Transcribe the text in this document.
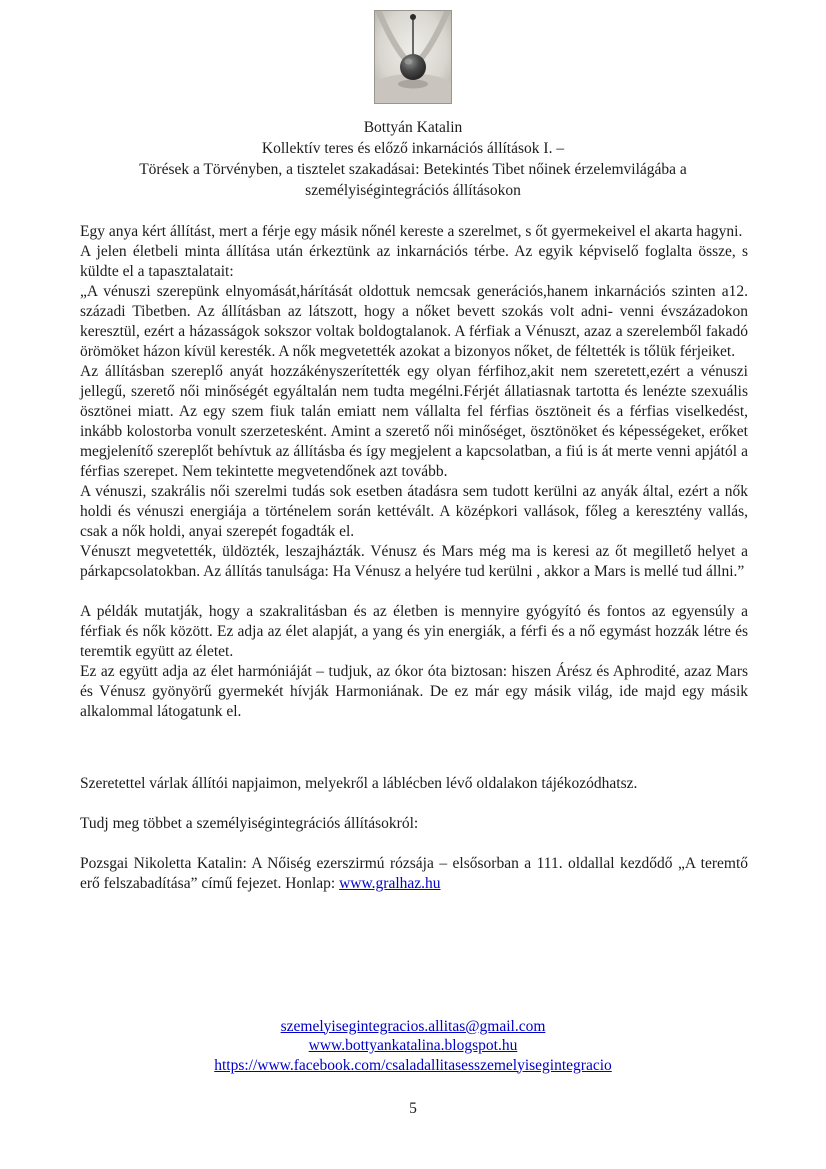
Bottyán Katalin
Kollektív teres és előző inkarnációs állítások I. –
Törések a Törvényben, a tisztelet szakadásai: Betekintés Tibet nőinek érzelemvilágába a személyiségintegrációs állításokon

Egy anya kért állítást, mert a férje egy másik nőnél kereste a szerelmet, s őt gyermekeivel el akarta hagyni.

A jelen életbeli minta állítása után érkeztünk az inkarnációs térbe. Az egyik képviselő foglalta össze, s küldte el a tapasztalatait:

„A vénuszi szerepünk elnyomását,hárítását oldottuk nemcsak generációs,hanem inkarnációs szinten a12. századi Tibetben. Az állításban az látszott, hogy a nőket bevett szokás volt adni- venni évszázadokon keresztül, ezért a házasságok sokszor voltak boldogtalanok. A férfiak a Vénuszt, azaz a szerelemből fakadó örömöket házon kívül keresték. A nők megvetették azokat a bizonyos nőket, de féltették is tőlük férjeiket.

Az állításban szereplő anyát hozzákényszerítették egy olyan férfihoz,akit nem szeretett,ezért a vénuszi jellegű, szerető női minőségét egyáltalán nem tudta megélni.Férjét állatiasnak tartotta és lenézte szexuális ösztönei miatt. Az egy szem fiuk talán emiatt nem vállalta fel férfias ösztöneit és a férfias viselkedést, inkább kolostorba vonult szerzetesként. Amint a szerető női minőséget, ösztönöket és képességeket, erőket megjelenítő szereplőt behívtuk az állításba és így megjelent a kapcsolatban, a fiú is át merte venni apjától a férfias szerepet. Nem tekintette megvetendőnek azt tovább.

A vénuszi, szakrális női szerelmi tudás sok esetben átadásra sem tudott kerülni az anyák által, ezért a nők holdi és vénuszi energiája a történelem során kettévált. A középkori vallások, főleg a keresztény vallás, csak a nők holdi, anyai szerepét fogadták el.

Vénuszt megvetették, üldözték, leszajházták. Vénusz és Mars még ma is keresi az őt megillető helyet a párkapcsolatokban. Az állítás tanulsága: Ha Vénusz a helyére tud kerülni , akkor a Mars is mellé tud állni.”

A példák mutatják, hogy a szakralitásban és az életben is mennyire gyógyító és fontos az egyensúly a férfiak és nők között. Ez adja az élet alapját, a yang és yin energiák, a férfi és a nő egymást hozzák létre és teremtik együtt az életet.

Ez az együtt adja az élet harmóniáját – tudjuk, az ókor óta biztosan: hiszen Árész és Aphrodité, azaz Mars és Vénusz gyönyörű gyermekét hívják Harmoniának. De ez már egy másik világ, ide majd egy másik alkalommal látogatunk el.

Szeretettel várlak állítói napjaimon, melyekről a láblécben lévő oldalakon tájékozódhatsz.

Tudj meg többet a személyiségintegrációs állításokról:

Pozsgai Nikoletta Katalin: A Nőiség ezerszirmú rózsája – elsősorban a 111. oldallal kezdődő „A teremtő erő felszabadítása” című fejezet. Honlap: www.gralhaz.hu

szemelyisegintegracios.allitas@gmail.com
www.bottyankatalina.blogspot.hu
https://www.facebook.com/csaladallitasesszemelyisegintegracio
5
